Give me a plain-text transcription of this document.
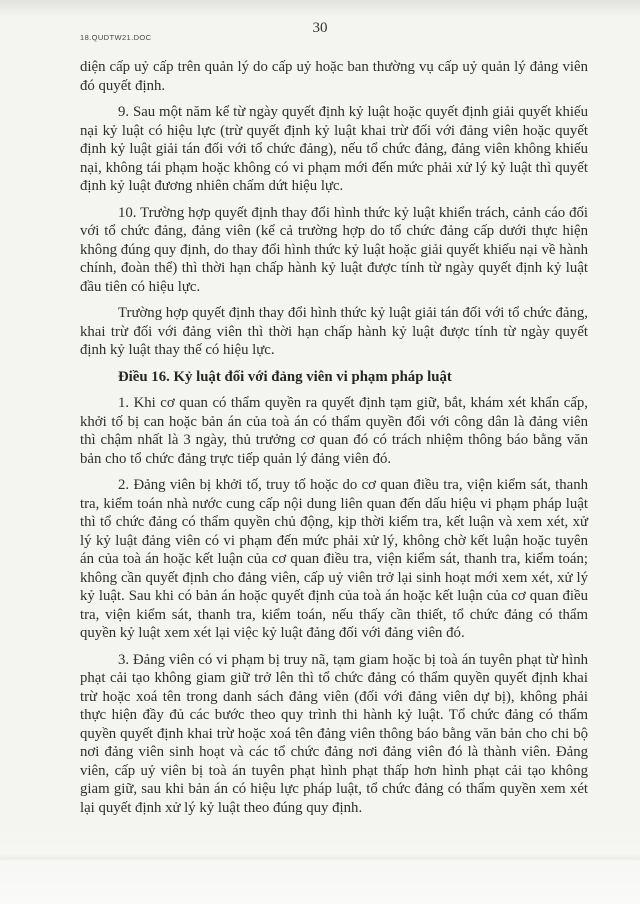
18.QUDTW21.DOC
30

diện cấp uỷ cấp trên quản lý do cấp uỷ hoặc ban thường vụ cấp uỷ quản lý đảng viên đó quyết định.

9. Sau một năm kể từ ngày quyết định kỷ luật hoặc quyết định giải quyết khiếu nại kỷ luật có hiệu lực (trừ quyết định kỷ luật khai trừ đối với đảng viên hoặc quyết định kỷ luật giải tán đối với tổ chức đảng), nếu tổ chức đảng, đảng viên không khiếu nại, không tái phạm hoặc không có vi phạm mới đến mức phải xử lý kỷ luật thì quyết định kỷ luật đương nhiên chấm dứt hiệu lực.

10. Trường hợp quyết định thay đổi hình thức kỷ luật khiển trách, cảnh cáo đối với tổ chức đảng, đảng viên (kể cả trường hợp do tổ chức đảng cấp dưới thực hiện không đúng quy định, do thay đổi hình thức kỷ luật hoặc giải quyết khiếu nại về hành chính, đoàn thể) thì thời hạn chấp hành kỷ luật được tính từ ngày quyết định kỷ luật đầu tiên có hiệu lực.

Trường hợp quyết định thay đổi hình thức kỷ luật giải tán đối với tổ chức đảng, khai trừ đối với đảng viên thì thời hạn chấp hành kỷ luật được tính từ ngày quyết định kỷ luật thay thế có hiệu lực.

Điều 16. Kỷ luật đối với đảng viên vi phạm pháp luật

1. Khi cơ quan có thẩm quyền ra quyết định tạm giữ, bắt, khám xét khẩn cấp, khởi tố bị can hoặc bản án của toà án có thẩm quyền đối với công dân là đảng viên thì chậm nhất là 3 ngày, thủ trưởng cơ quan đó có trách nhiệm thông báo bằng văn bản cho tổ chức đảng trực tiếp quản lý đảng viên đó.

2. Đảng viên bị khởi tố, truy tố hoặc do cơ quan điều tra, viện kiểm sát, thanh tra, kiểm toán nhà nước cung cấp nội dung liên quan đến dấu hiệu vi phạm pháp luật thì tổ chức đảng có thẩm quyền chủ động, kịp thời kiểm tra, kết luận và xem xét, xử lý kỷ luật đảng viên có vi phạm đến mức phải xử lý, không chờ kết luận hoặc tuyên án của toà án hoặc kết luận của cơ quan điều tra, viện kiểm sát, thanh tra, kiểm toán; không cần quyết định cho đảng viên, cấp uỷ viên trở lại sinh hoạt mới xem xét, xử lý kỷ luật. Sau khi có bản án hoặc quyết định của toà án hoặc kết luận của cơ quan điều tra, viện kiểm sát, thanh tra, kiểm toán, nếu thấy cần thiết, tổ chức đảng có thẩm quyền kỷ luật xem xét lại việc kỷ luật đảng đối với đảng viên đó.

3. Đảng viên có vi phạm bị truy nã, tạm giam hoặc bị toà án tuyên phạt từ hình phạt cải tạo không giam giữ trở lên thì tổ chức đảng có thẩm quyền quyết định khai trừ hoặc xoá tên trong danh sách đảng viên (đối với đảng viên dự bị), không phải thực hiện đầy đủ các bước theo quy trình thi hành kỷ luật. Tổ chức đảng có thẩm quyền quyết định khai trừ hoặc xoá tên đảng viên thông báo bằng văn bản cho chi bộ nơi đảng viên sinh hoạt và các tổ chức đảng nơi đảng viên đó là thành viên. Đảng viên, cấp uỷ viên bị toà án tuyên phạt hình phạt thấp hơn hình phạt cải tạo không giam giữ, sau khi bản án có hiệu lực pháp luật, tổ chức đảng có thẩm quyền xem xét lại quyết định xử lý kỷ luật theo đúng quy định.
